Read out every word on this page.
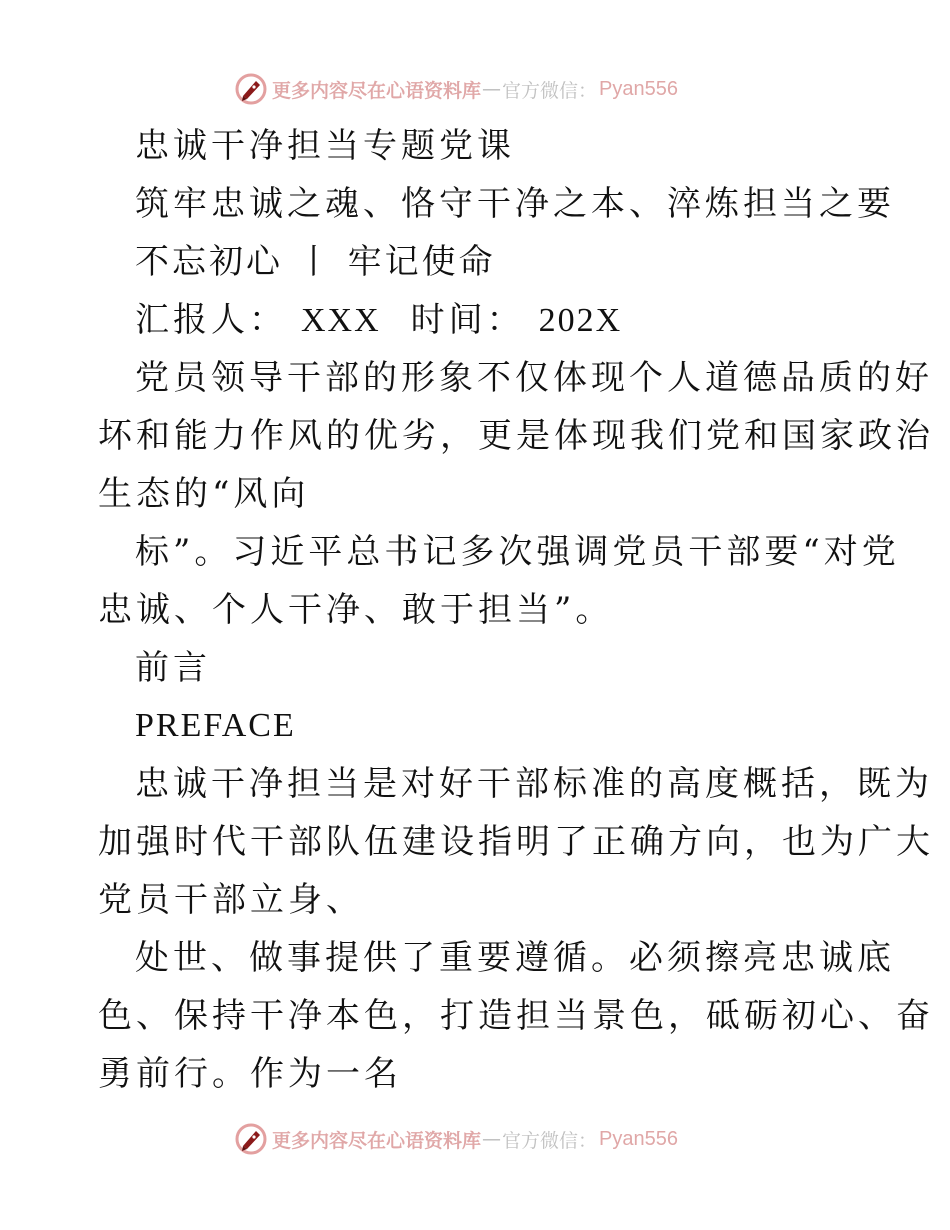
更多内容尽在心语资料库 — 官方微信： Pyan556
忠诚干净担当专题党课
筑牢忠诚之魂、恪守干净之本、淬炼担当之要
不忘初心 丨 牢记使命
汇报人： XXX 时间： 202X
党员领导干部的形象不仅体现个人道德品质的好
坏和能力作风的优劣，更是体现我们党和国家政治
生态的“风向
标”。习近平总书记多次强调党员干部要“对党
忠诚、个人干净、敢于担当”。
前言
PREFACE
忠诚干净担当是对好干部标准的高度概括，既为
加强时代干部队伍建设指明了正确方向，也为广大
党员干部立身、
处世、做事提供了重要遵循。必须擦亮忠诚底
色、保持干净本色，打造担当景色，砥砺初心、奋
勇前行。作为一名
更多内容尽在心语资料库 — 官方微信： Pyan556
